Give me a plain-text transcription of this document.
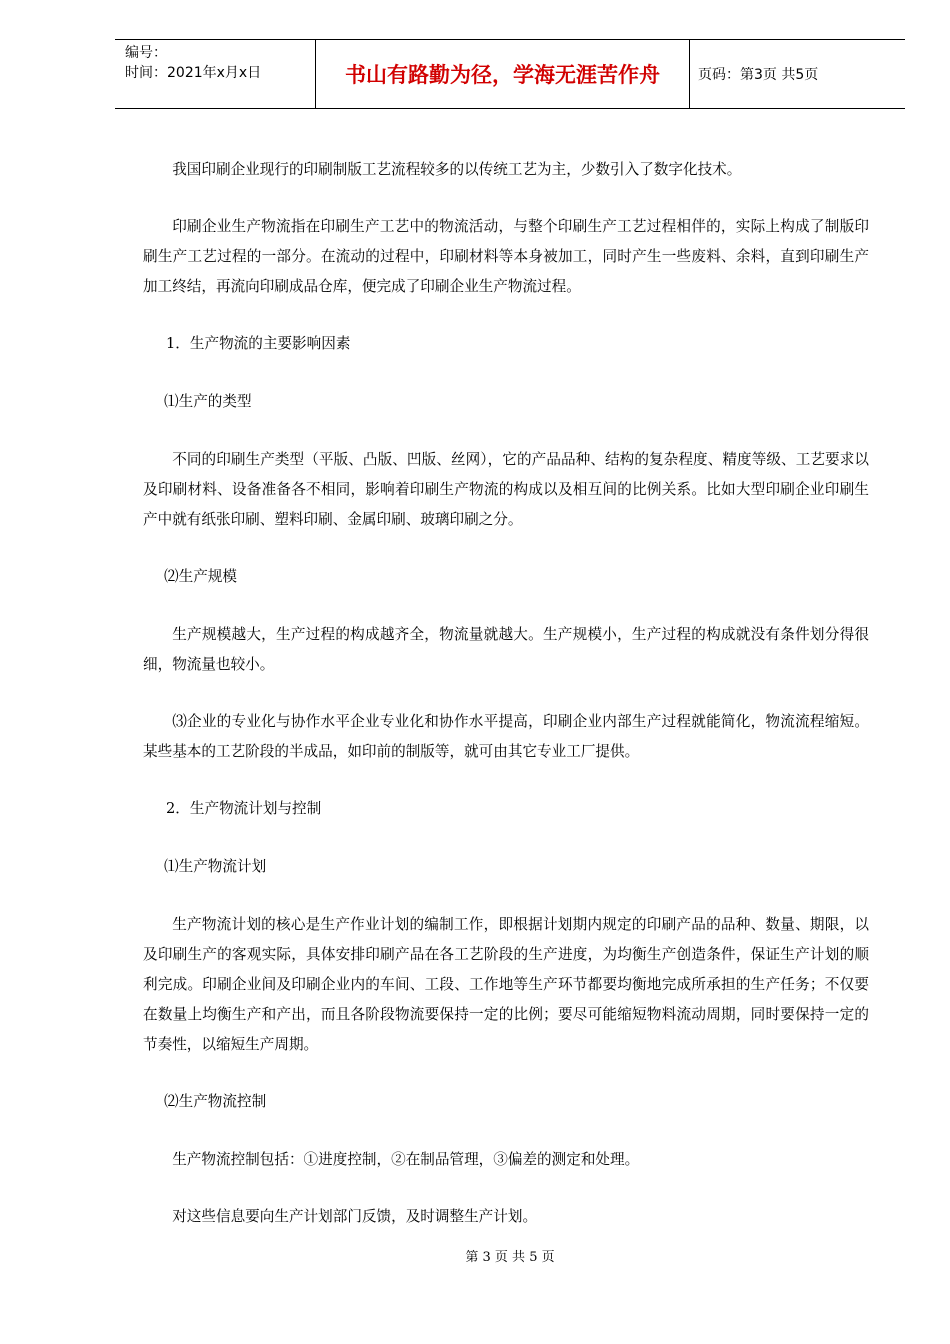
编号：
时间：2021年x月x日	书山有路勤为径，学海无涯苦作舟	页码：第3页 共5页

我国印刷企业现行的印刷制版工艺流程较多的以传统工艺为主，少数引入了数字化技术。

印刷企业生产物流指在印刷生产工艺中的物流活动，与整个印刷生产工艺过程相伴的，实际上构成了制版印刷生产工艺过程的一部分。在流动的过程中，印刷材料等本身被加工，同时产生一些废料、余料，直到印刷生产加工终结，再流向印刷成品仓库，便完成了印刷企业生产物流过程。

1．生产物流的主要影响因素

⑴生产的类型

不同的印刷生产类型（平版、凸版、凹版、丝网），它的产品品种、结构的复杂程度、精度等级、工艺要求以及印刷材料、设备准备各不相同，影响着印刷生产物流的构成以及相互间的比例关系。比如大型印刷企业印刷生产中就有纸张印刷、塑料印刷、金属印刷、玻璃印刷之分。

⑵生产规模

生产规模越大，生产过程的构成越齐全，物流量就越大。生产规模小，生产过程的构成就没有条件划分得很细，物流量也较小。

⑶企业的专业化与协作水平企业专业化和协作水平提高，印刷企业内部生产过程就能简化，物流流程缩短。某些基本的工艺阶段的半成品，如印前的制版等，就可由其它专业工厂提供。

2．生产物流计划与控制

⑴生产物流计划

生产物流计划的核心是生产作业计划的编制工作，即根据计划期内规定的印刷产品的品种、数量、期限，以及印刷生产的客观实际，具体安排印刷产品在各工艺阶段的生产进度，为均衡生产创造条件，保证生产计划的顺利完成。印刷企业间及印刷企业内的车间、工段、工作地等生产环节都要均衡地完成所承担的生产任务；不仅要在数量上均衡生产和产出，而且各阶段物流要保持一定的比例；要尽可能缩短物料流动周期，同时要保持一定的节奏性，以缩短生产周期。

⑵生产物流控制

生产物流控制包括：①进度控制，②在制品管理，③偏差的测定和处理。

对这些信息要向生产计划部门反馈，及时调整生产计划。

第 3 页 共 5 页
